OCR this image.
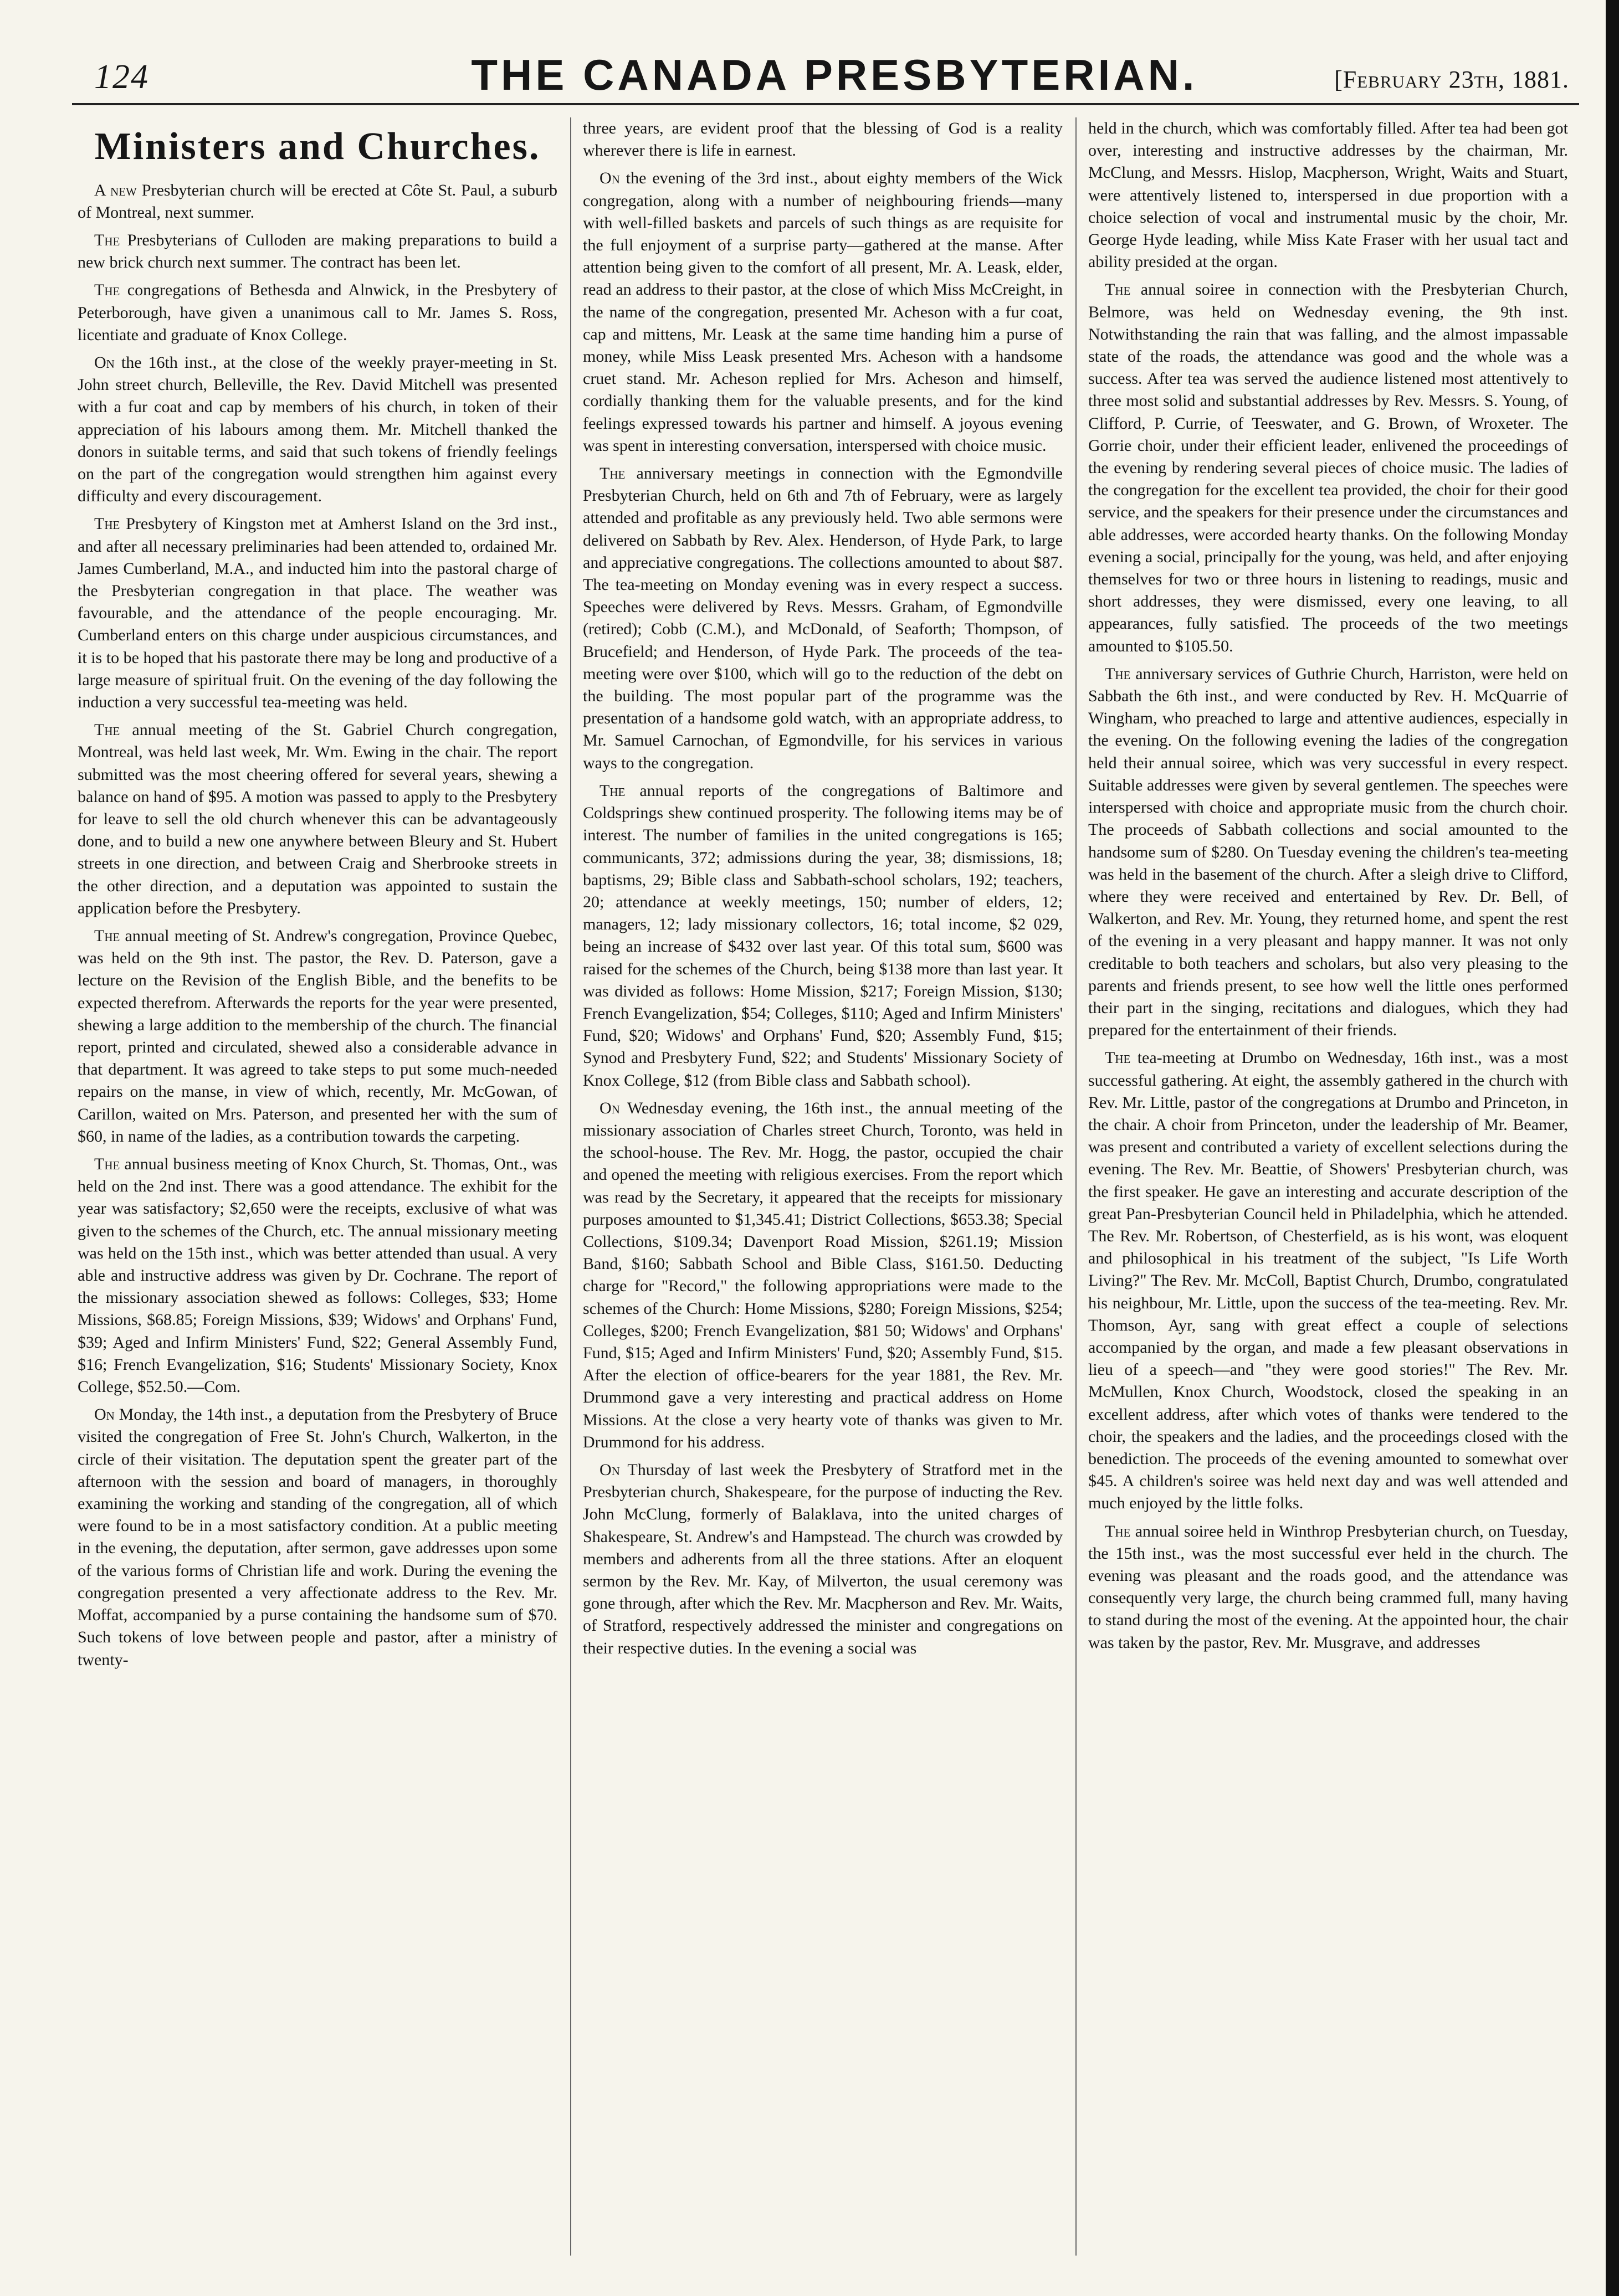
124	THE CANADA PRESBYTERIAN.	[February 23th, 1881.
Ministers and Churches.

A new Presbyterian church will be erected at Côte St. Paul, a suburb of Montreal, next summer.

The Presbyterians of Culloden are making preparations to build a new brick church next summer. The contract has been let.

The congregations of Bethesda and Alnwick, in the Presbytery of Peterborough, have given a unanimous call to Mr. James S. Ross, licentiate and graduate of Knox College.

On the 16th inst., at the close of the weekly prayer-meeting in St. John street church, Belleville, the Rev. David Mitchell was presented with a fur coat and cap by members of his church, in token of their appreciation of his labours among them. Mr. Mitchell thanked the donors in suitable terms, and said that such tokens of friendly feelings on the part of the congregation would strengthen him against every difficulty and every discouragement.

The Presbytery of Kingston met at Amherst Island on the 3rd inst., and after all necessary preliminaries had been attended to, ordained Mr. James Cumberland, M.A., and inducted him into the pastoral charge of the Presbyterian congregation in that place. The weather was favourable, and the attendance of the people encouraging. Mr. Cumberland enters on this charge under auspicious circumstances, and it is to be hoped that his pastorate there may be long and productive of a large measure of spiritual fruit. On the evening of the day following the induction a very successful tea-meeting was held.

The annual meeting of the St. Gabriel Church congregation, Montreal, was held last week, Mr. Wm. Ewing in the chair. The report submitted was the most cheering offered for several years, shewing a balance on hand of $95. A motion was passed to apply to the Presbytery for leave to sell the old church whenever this can be advantageously done, and to build a new one anywhere between Bleury and St. Hubert streets in one direction, and between Craig and Sherbrooke streets in the other direction, and a deputation was appointed to sustain the application before the Presbytery.

The annual meeting of St. Andrew's congregation, Province Quebec, was held on the 9th inst. The pastor, the Rev. D. Paterson, gave a lecture on the Revision of the English Bible, and the benefits to be expected therefrom. Afterwards the reports for the year were presented, shewing a large addition to the membership of the church. The financial report, printed and circulated, shewed also a considerable advance in that department. It was agreed to take steps to put some much-needed repairs on the manse, in view of which, recently, Mr. McGowan, of Carillon, waited on Mrs. Paterson, and presented her with the sum of $60, in name of the ladies, as a contribution towards the carpeting.

The annual business meeting of Knox Church, St. Thomas, Ont., was held on the 2nd inst. There was a good attendance. The exhibit for the year was satisfactory; $2,650 were the receipts, exclusive of what was given to the schemes of the Church, etc. The annual missionary meeting was held on the 15th inst., which was better attended than usual. A very able and instructive address was given by Dr. Cochrane. The report of the missionary association shewed as follows: Colleges, $33; Home Missions, $68.85; Foreign Missions, $39; Widows' and Orphans' Fund, $39; Aged and Infirm Ministers' Fund, $22; General Assembly Fund, $16; French Evangelization, $16; Students' Missionary Society, Knox College, $52.50.—Com.

On Monday, the 14th inst., a deputation from the Presbytery of Bruce visited the congregation of Free St. John's Church, Walkerton, in the circle of their visitation. The deputation spent the greater part of the afternoon with the session and board of managers, in thoroughly examining the working and standing of the congregation, all of which were found to be in a most satisfactory condition. At a public meeting in the evening, the deputation, after sermon, gave addresses upon some of the various forms of Christian life and work. During the evening the congregation presented a very affectionate address to the Rev. Mr. Moffat, accompanied by a purse containing the handsome sum of $70. Such tokens of love between people and pastor, after a ministry of twenty-

three years, are evident proof that the blessing of God is a reality wherever there is life in earnest.

On the evening of the 3rd inst., about eighty members of the Wick congregation, along with a number of neighbouring friends—many with well-filled baskets and parcels of such things as are requisite for the full enjoyment of a surprise party—gathered at the manse. After attention being given to the comfort of all present, Mr. A. Leask, elder, read an address to their pastor, at the close of which Miss McCreight, in the name of the congregation, presented Mr. Acheson with a fur coat, cap and mittens, Mr. Leask at the same time handing him a purse of money, while Miss Leask presented Mrs. Acheson with a handsome cruet stand. Mr. Acheson replied for Mrs. Acheson and himself, cordially thanking them for the valuable presents, and for the kind feelings expressed towards his partner and himself. A joyous evening was spent in interesting conversation, interspersed with choice music.

The anniversary meetings in connection with the Egmondville Presbyterian Church, held on 6th and 7th of February, were as largely attended and profitable as any previously held. Two able sermons were delivered on Sabbath by Rev. Alex. Henderson, of Hyde Park, to large and appreciative congregations. The collections amounted to about $87. The tea-meeting on Monday evening was in every respect a success. Speeches were delivered by Revs. Messrs. Graham, of Egmondville (retired); Cobb (C.M.), and McDonald, of Seaforth; Thompson, of Brucefield; and Henderson, of Hyde Park. The proceeds of the tea-meeting were over $100, which will go to the reduction of the debt on the building. The most popular part of the programme was the presentation of a handsome gold watch, with an appropriate address, to Mr. Samuel Carnochan, of Egmondville, for his services in various ways to the congregation.

The annual reports of the congregations of Baltimore and Coldsprings shew continued prosperity. The following items may be of interest. The number of families in the united congregations is 165; communicants, 372; admissions during the year, 38; dismissions, 18; baptisms, 29; Bible class and Sabbath-school scholars, 192; teachers, 20; attendance at weekly meetings, 150; number of elders, 12; managers, 12; lady missionary collectors, 16; total income, $2 029, being an increase of $432 over last year. Of this total sum, $600 was raised for the schemes of the Church, being $138 more than last year. It was divided as follows: Home Mission, $217; Foreign Mission, $130; French Evangelization, $54; Colleges, $110; Aged and Infirm Ministers' Fund, $20; Widows' and Orphans' Fund, $20; Assembly Fund, $15; Synod and Presbytery Fund, $22; and Students' Missionary Society of Knox College, $12 (from Bible class and Sabbath school).

On Wednesday evening, the 16th inst., the annual meeting of the missionary association of Charles street Church, Toronto, was held in the school-house. The Rev. Mr. Hogg, the pastor, occupied the chair and opened the meeting with religious exercises. From the report which was read by the Secretary, it appeared that the receipts for missionary purposes amounted to $1,345.41; District Collections, $653.38; Special Collections, $109.34; Davenport Road Mission, $261.19; Mission Band, $160; Sabbath School and Bible Class, $161.50. Deducting charge for "Record," the following appropriations were made to the schemes of the Church: Home Missions, $280; Foreign Missions, $254; Colleges, $200; French Evangelization, $81 50; Widows' and Orphans' Fund, $15; Aged and Infirm Ministers' Fund, $20; Assembly Fund, $15. After the election of office-bearers for the year 1881, the Rev. Mr. Drummond gave a very interesting and practical address on Home Missions. At the close a very hearty vote of thanks was given to Mr. Drummond for his address.

On Thursday of last week the Presbytery of Stratford met in the Presbyterian church, Shakespeare, for the purpose of inducting the Rev. John McClung, formerly of Balaklava, into the united charges of Shakespeare, St. Andrew's and Hampstead. The church was crowded by members and adherents from all the three stations. After an eloquent sermon by the Rev. Mr. Kay, of Milverton, the usual ceremony was gone through, after which the Rev. Mr. Macpherson and Rev. Mr. Waits, of Stratford, respectively addressed the minister and congregations on their respective duties. In the evening a social was

held in the church, which was comfortably filled. After tea had been got over, interesting and instructive addresses by the chairman, Mr. McClung, and Messrs. Hislop, Macpherson, Wright, Waits and Stuart, were attentively listened to, interspersed in due proportion with a choice selection of vocal and instrumental music by the choir, Mr. George Hyde leading, while Miss Kate Fraser with her usual tact and ability presided at the organ.

The annual soiree in connection with the Presbyterian Church, Belmore, was held on Wednesday evening, the 9th inst. Notwithstanding the rain that was falling, and the almost impassable state of the roads, the attendance was good and the whole was a success. After tea was served the audience listened most attentively to three most solid and substantial addresses by Rev. Messrs. S. Young, of Clifford, P. Currie, of Teeswater, and G. Brown, of Wroxeter. The Gorrie choir, under their efficient leader, enlivened the proceedings of the evening by rendering several pieces of choice music. The ladies of the congregation for the excellent tea provided, the choir for their good service, and the speakers for their presence under the circumstances and able addresses, were accorded hearty thanks. On the following Monday evening a social, principally for the young, was held, and after enjoying themselves for two or three hours in listening to readings, music and short addresses, they were dismissed, every one leaving, to all appearances, fully satisfied. The proceeds of the two meetings amounted to $105.50.

The anniversary services of Guthrie Church, Harriston, were held on Sabbath the 6th inst., and were conducted by Rev. H. McQuarrie of Wingham, who preached to large and attentive audiences, especially in the evening. On the following evening the ladies of the congregation held their annual soiree, which was very successful in every respect. Suitable addresses were given by several gentlemen. The speeches were interspersed with choice and appropriate music from the church choir. The proceeds of Sabbath collections and social amounted to the handsome sum of $280. On Tuesday evening the children's tea-meeting was held in the basement of the church. After a sleigh drive to Clifford, where they were received and entertained by Rev. Dr. Bell, of Walkerton, and Rev. Mr. Young, they returned home, and spent the rest of the evening in a very pleasant and happy manner. It was not only creditable to both teachers and scholars, but also very pleasing to the parents and friends present, to see how well the little ones performed their part in the singing, recitations and dialogues, which they had prepared for the entertainment of their friends.

The tea-meeting at Drumbo on Wednesday, 16th inst., was a most successful gathering. At eight, the assembly gathered in the church with Rev. Mr. Little, pastor of the congregations at Drumbo and Princeton, in the chair. A choir from Princeton, under the leadership of Mr. Beamer, was present and contributed a variety of excellent selections during the evening. The Rev. Mr. Beattie, of Showers' Presbyterian church, was the first speaker. He gave an interesting and accurate description of the great Pan-Presbyterian Council held in Philadelphia, which he attended. The Rev. Mr. Robertson, of Chesterfield, as is his wont, was eloquent and philosophical in his treatment of the subject, "Is Life Worth Living?" The Rev. Mr. McColl, Baptist Church, Drumbo, congratulated his neighbour, Mr. Little, upon the success of the tea-meeting. Rev. Mr. Thomson, Ayr, sang with great effect a couple of selections accompanied by the organ, and made a few pleasant observations in lieu of a speech—and "they were good stories!" The Rev. Mr. McMullen, Knox Church, Woodstock, closed the speaking in an excellent address, after which votes of thanks were tendered to the choir, the speakers and the ladies, and the proceedings closed with the benediction. The proceeds of the evening amounted to somewhat over $45. A children's soiree was held next day and was well attended and much enjoyed by the little folks.

The annual soiree held in Winthrop Presbyterian church, on Tuesday, the 15th inst., was the most successful ever held in the church. The evening was pleasant and the roads good, and the attendance was consequently very large, the church being crammed full, many having to stand during the most of the evening. At the appointed hour, the chair was taken by the pastor, Rev. Mr. Musgrave, and addresses
